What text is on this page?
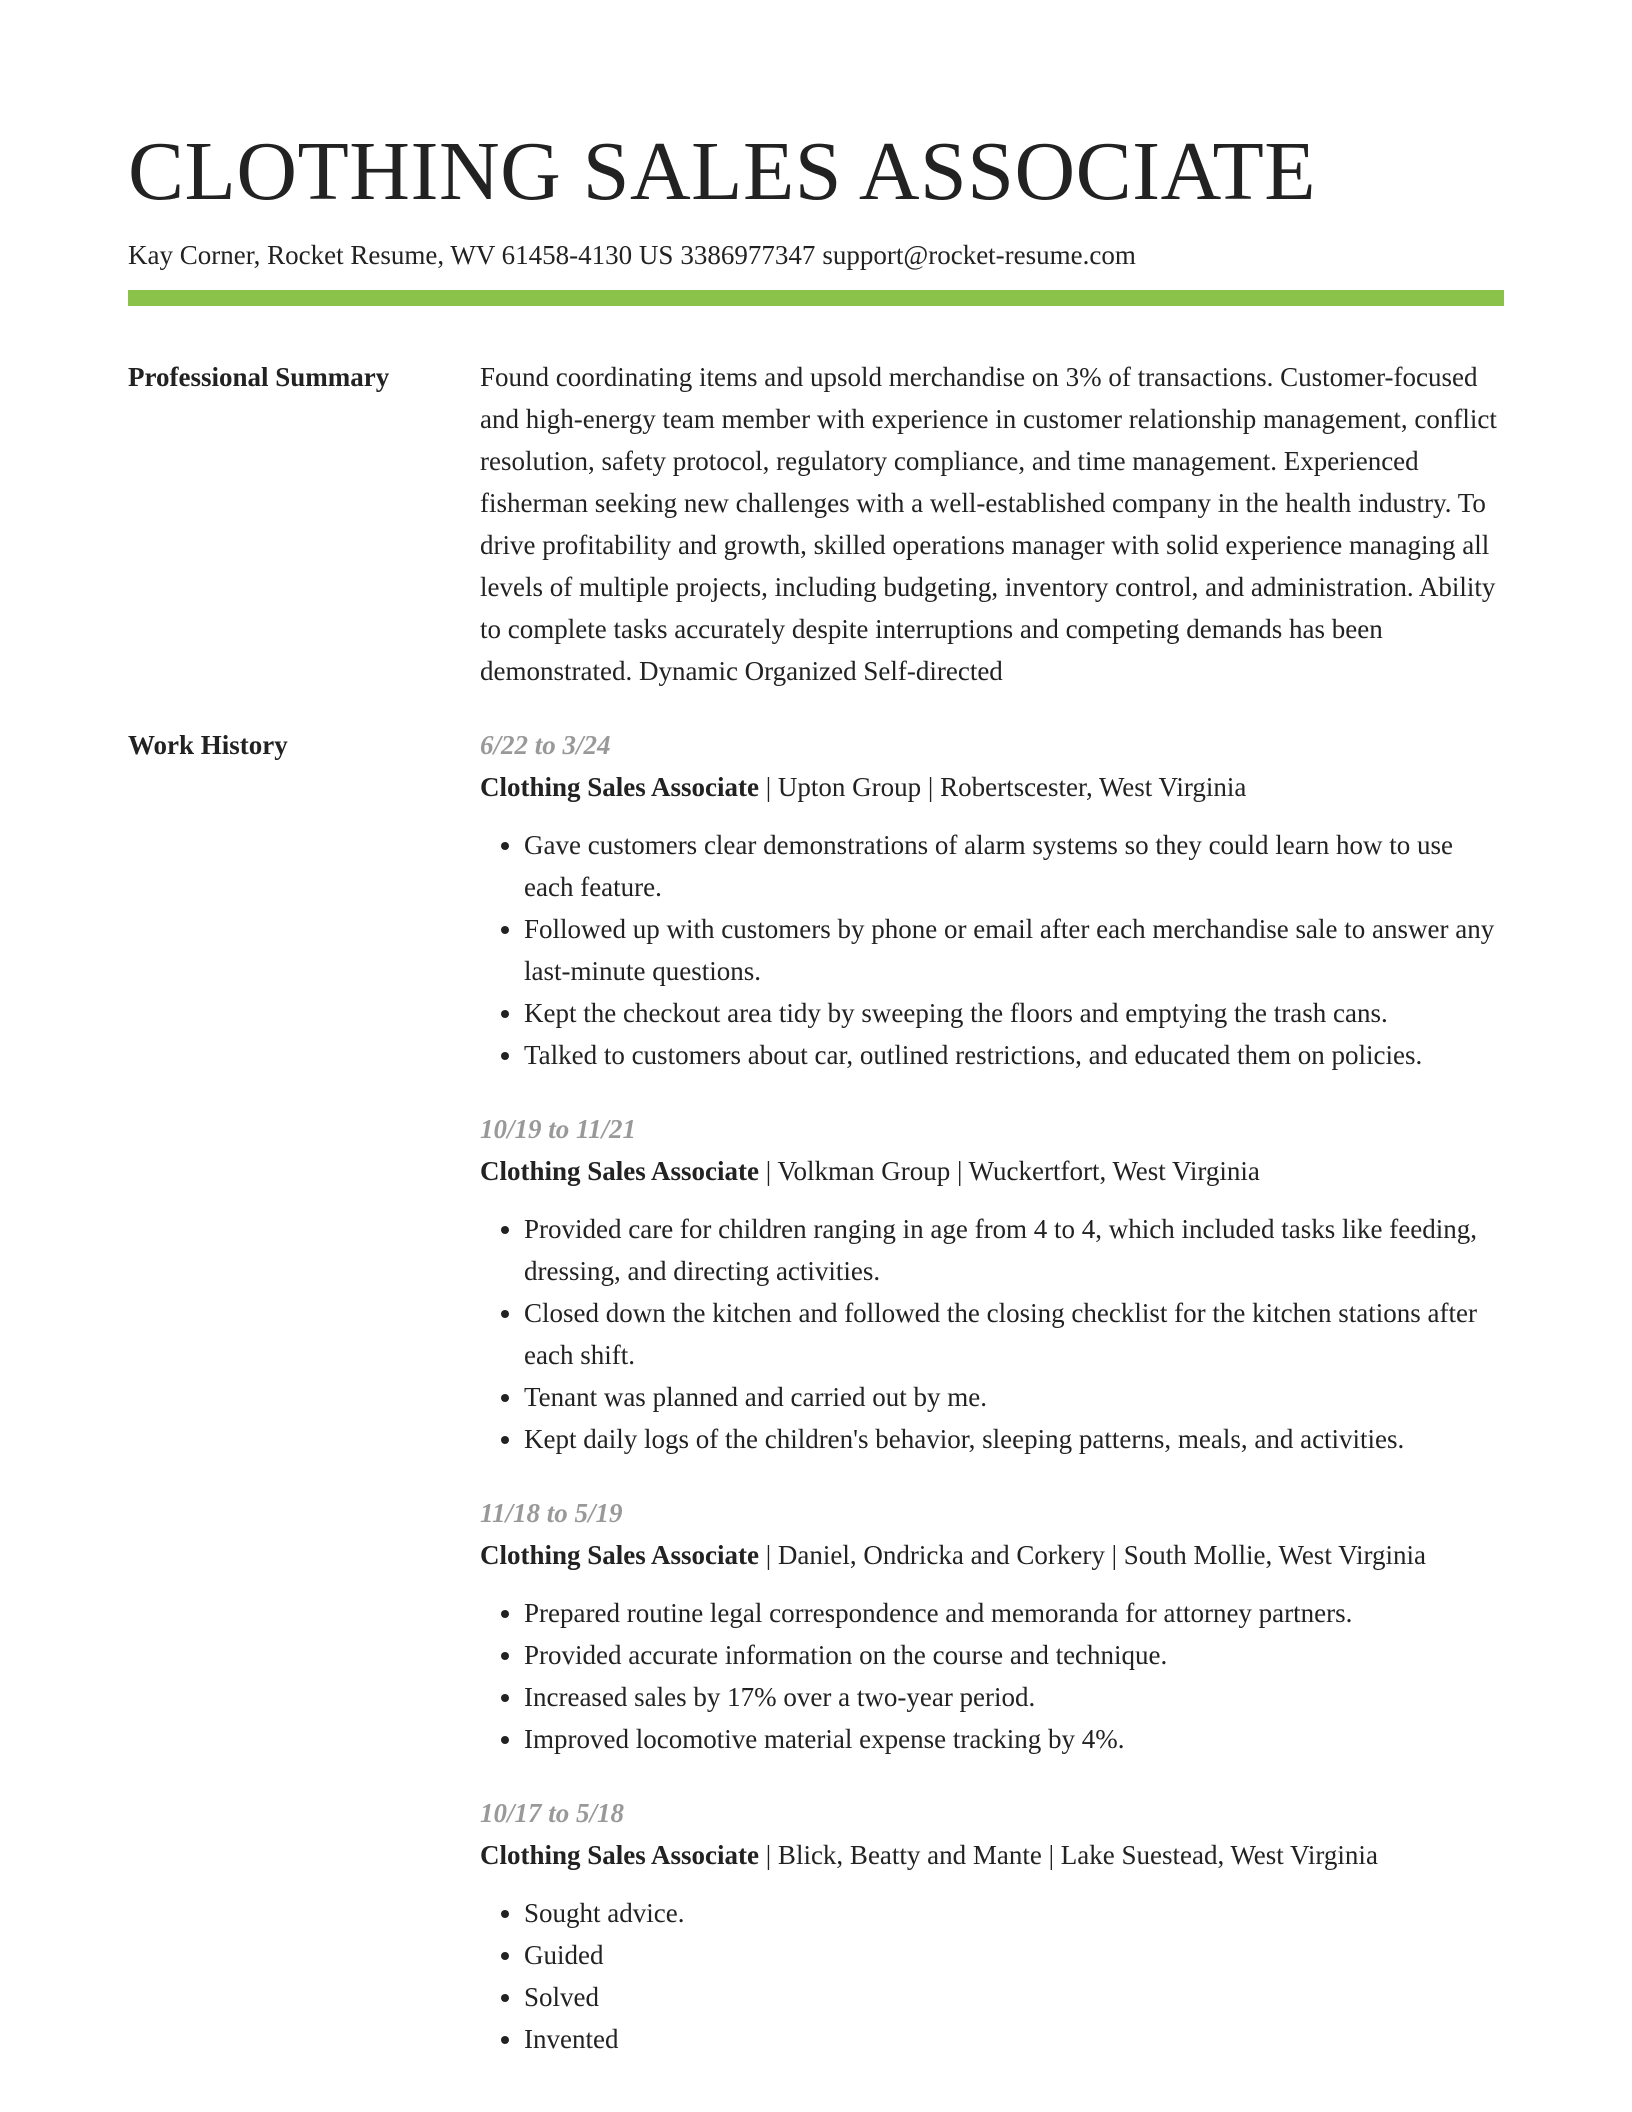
CLOTHING SALES ASSOCIATE
Kay Corner, Rocket Resume, WV 61458-4130 US 3386977347 support@rocket-resume.com
Professional Summary	Found coordinating items and upsold merchandise on 3% of transactions. Customer-focused and high-energy team member with experience in customer relationship management, conflict resolution, safety protocol, regulatory compliance, and time management. Experienced fisherman seeking new challenges with a well-established company in the health industry. To drive profitability and growth, skilled operations manager with solid experience managing all levels of multiple projects, including budgeting, inventory control, and administration. Ability to complete tasks accurately despite interruptions and competing demands has been demonstrated. Dynamic Organized Self-directed
Work History	6/22 to 3/24
Clothing Sales Associate | Upton Group | Robertscester, West Virginia
• Gave customers clear demonstrations of alarm systems so they could learn how to use each feature.
• Followed up with customers by phone or email after each merchandise sale to answer any last-minute questions.
• Kept the checkout area tidy by sweeping the floors and emptying the trash cans.
• Talked to customers about car, outlined restrictions, and educated them on policies.
10/19 to 11/21
Clothing Sales Associate | Volkman Group | Wuckertfort, West Virginia
• Provided care for children ranging in age from 4 to 4, which included tasks like feeding, dressing, and directing activities.
• Closed down the kitchen and followed the closing checklist for the kitchen stations after each shift.
• Tenant was planned and carried out by me.
• Kept daily logs of the children's behavior, sleeping patterns, meals, and activities.
11/18 to 5/19
Clothing Sales Associate | Daniel, Ondricka and Corkery | South Mollie, West Virginia
• Prepared routine legal correspondence and memoranda for attorney partners.
• Provided accurate information on the course and technique.
• Increased sales by 17% over a two-year period.
• Improved locomotive material expense tracking by 4%.
10/17 to 5/18
Clothing Sales Associate | Blick, Beatty and Mante | Lake Suestead, West Virginia
• Sought advice.
• Guided
• Solved
• Invented
